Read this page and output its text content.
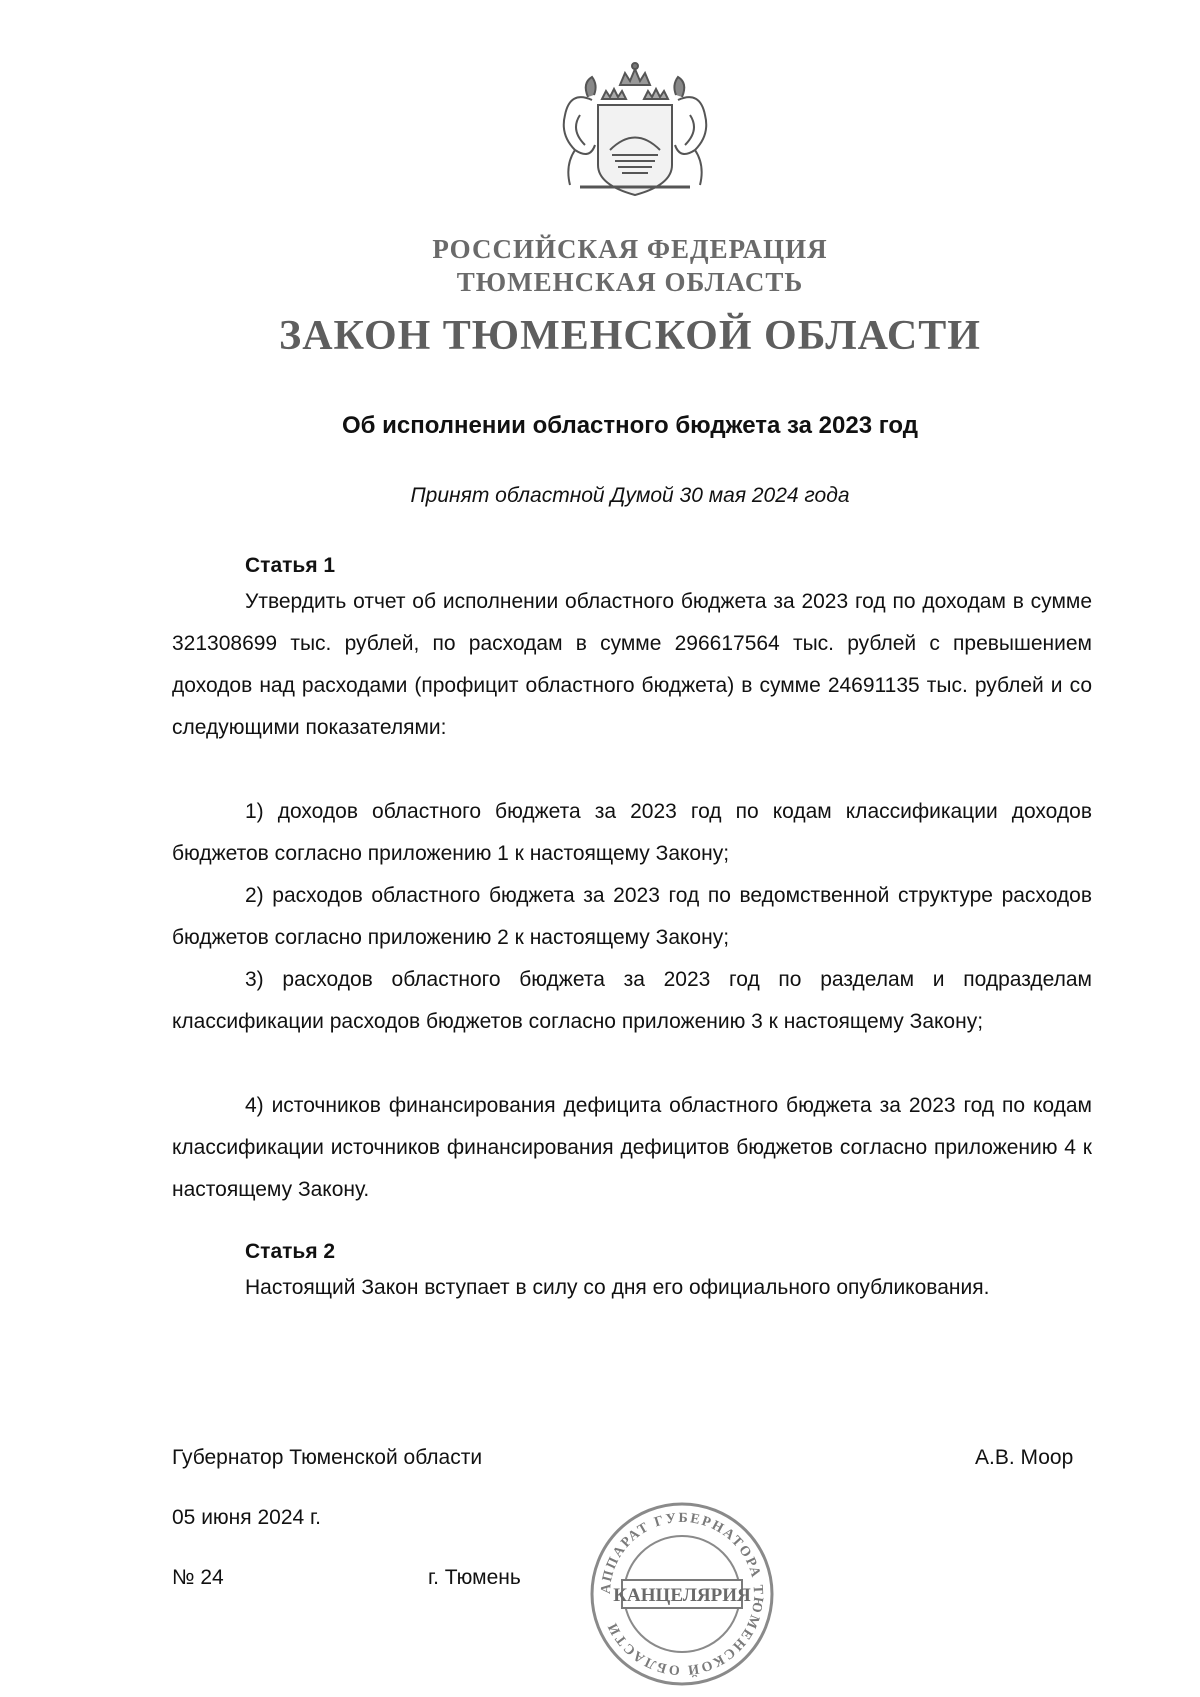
РОССИЙСКАЯ ФЕДЕРАЦИЯ
ТЮМЕНСКАЯ ОБЛАСТЬ
ЗАКОН ТЮМЕНСКОЙ ОБЛАСТИ
Об исполнении областного бюджета за 2023 год
Принят областной Думой 30 мая 2024 года
Статья 1
Утвердить отчет об исполнении областного бюджета за 2023 год по доходам в сумме 321308699 тыс. рублей, по расходам в сумме 296617564 тыс. рублей с превышением доходов над расходами (профицит областного бюджета) в сумме 24691135 тыс. рублей и со следующими показателями:
1) доходов областного бюджета за 2023 год по кодам классификации доходов бюджетов согласно приложению 1 к настоящему Закону;
2) расходов областного бюджета за 2023 год по ведомственной структуре расходов бюджетов согласно приложению 2 к настоящему Закону;
3) расходов областного бюджета за 2023 год по разделам и подразделам классификации расходов бюджетов согласно приложению 3 к настоящему Закону;
4) источников финансирования дефицита областного бюджета за 2023 год по кодам классификации источников финансирования дефицитов бюджетов согласно приложению 4 к настоящему Закону.
Статья 2
Настоящий Закон вступает в силу со дня его официального опубликования.
Губернатор Тюменской области	А.В. Моор
05 июня 2024 г.
№ 24	г. Тюмень	АППАРАТ ГУБЕРНАТОРА ТЮМЕНСКОЙ ОБЛАСТИ
КАНЦЕЛЯРИЯ
